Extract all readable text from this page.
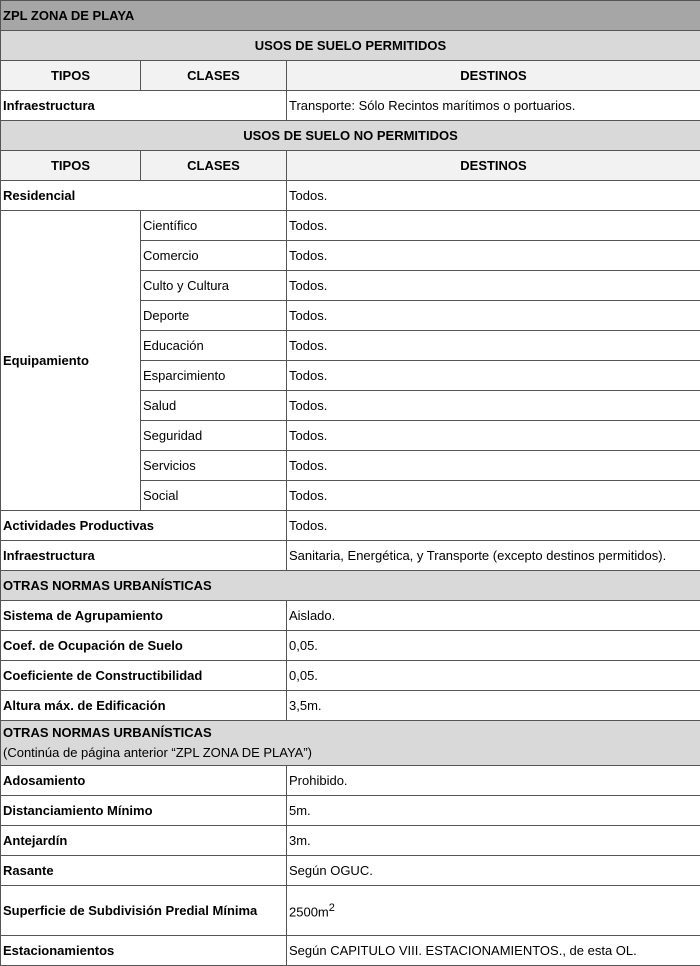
ZPL ZONA DE PLAYA		
USOS DE SUELO PERMITIDOS		
TIPOS	CLASES	DESTINOS
Infraestructura		Transporte: Sólo Recintos marítimos o portuarios.
USOS DE SUELO NO PERMITIDOS		
TIPOS	CLASES	DESTINOS
Residencial		Todos.
Equipamiento	Científico	Todos.
	Comercio	Todos.
	Culto y Cultura	Todos.
	Deporte	Todos.
	Educación	Todos.
	Esparcimiento	Todos.
	Salud	Todos.
	Seguridad	Todos.
	Servicios	Todos.
	Social	Todos.
Actividades Productivas		Todos.
Infraestructura		Sanitaria, Energética, y Transporte (excepto destinos permitidos).
OTRAS NORMAS URBANÍSTICAS		
Sistema de Agrupamiento		Aislado.
Coef. de Ocupación de Suelo		0,05.
Coeficiente de Constructibilidad		0,05.
Altura máx. de Edificación		3,5m.

OTRAS NORMAS URBANÍSTICAS
(Continúa de página anterior “ZPL ZONA DE PLAYA”)		

Adosamiento		Prohibido.
Distanciamiento Mínimo		5m.
Antejardín		3m.
Rasante		Según OGUC.
Superficie de Subdivisión Predial Mínima		$2500m^2$
Estacionamientos		Según CAPITULO VIII. ESTACIONAMIENTOS., de esta OL.
